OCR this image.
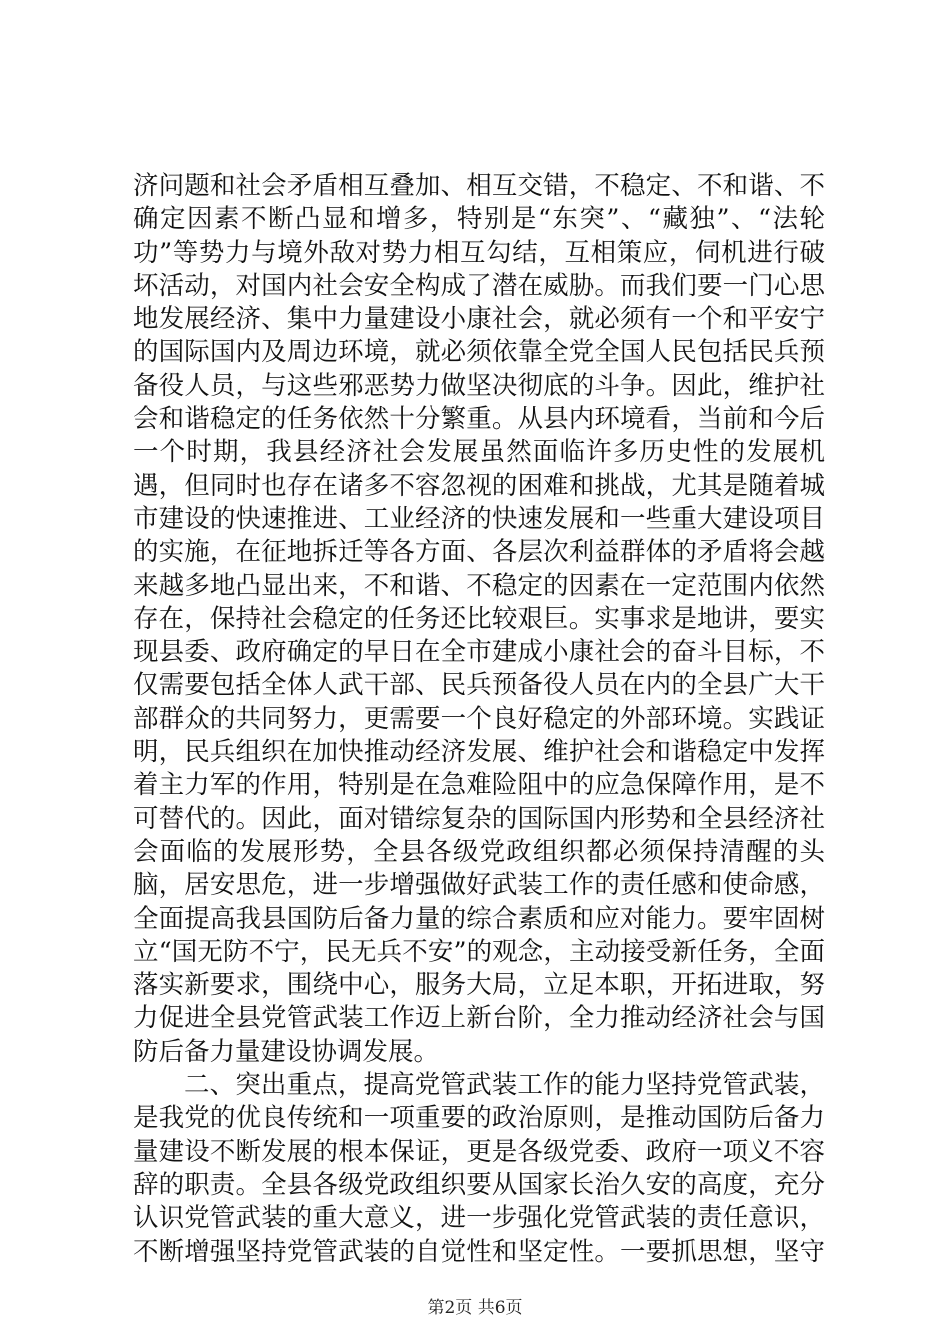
济问题和社会矛盾相互叠加、相互交错，不稳定、不和谐、不确定因素不断凸显和增多，特别是“东突”、“藏独”、“法轮功”等势力与境外敌对势力相互勾结，互相策应，伺机进行破坏活动，对国内社会安全构成了潜在威胁。而我们要一门心思地发展经济、集中力量建设小康社会，就必须有一个和平安宁的国际国内及周边环境，就必须依靠全党全国人民包括民兵预备役人员，与这些邪恶势力做坚决彻底的斗争。因此，维护社会和谐稳定的任务依然十分繁重。从县内环境看，当前和今后一个时期，我县经济社会发展虽然面临许多历史性的发展机遇，但同时也存在诸多不容忽视的困难和挑战，尤其是随着城市建设的快速推进、工业经济的快速发展和一些重大建设项目的实施，在征地拆迁等各方面、各层次利益群体的矛盾将会越来越多地凸显出来，不和谐、不稳定的因素在一定范围内依然存在，保持社会稳定的任务还比较艰巨。实事求是地讲，要实现县委、政府确定的早日在全市建成小康社会的奋斗目标，不仅需要包括全体人武干部、民兵预备役人员在内的全县广大干部群众的共同努力，更需要一个良好稳定的外部环境。实践证明，民兵组织在加快推动经济发展、维护社会和谐稳定中发挥着主力军的作用，特别是在急难险阻中的应急保障作用，是不可替代的。因此，面对错综复杂的国际国内形势和全县经济社会面临的发展形势，全县各级党政组织都必须保持清醒的头脑，居安思危，进一步增强做好武装工作的责任感和使命感，全面提高我县国防后备力量的综合素质和应对能力。要牢固树立“国无防不宁，民无兵不安”的观念，主动接受新任务，全面落实新要求，围绕中心，服务大局，立足本职，开拓进取，努力促进全县党管武装工作迈上新台阶，全力推动经济社会与国防后备力量建设协调发展。

二、突出重点，提高党管武装工作的能力坚持党管武装，是我党的优良传统和一项重要的政治原则，是推动国防后备力量建设不断发展的根本保证，更是各级党委、政府一项义不容辞的职责。全县各级党政组织要从国家长治久安的高度，充分认识党管武装的重大意义，进一步强化党管武装的责任意识，不断增强坚持党管武装的自觉性和坚定性。一要抓思想，坚守

第2页 共6页
